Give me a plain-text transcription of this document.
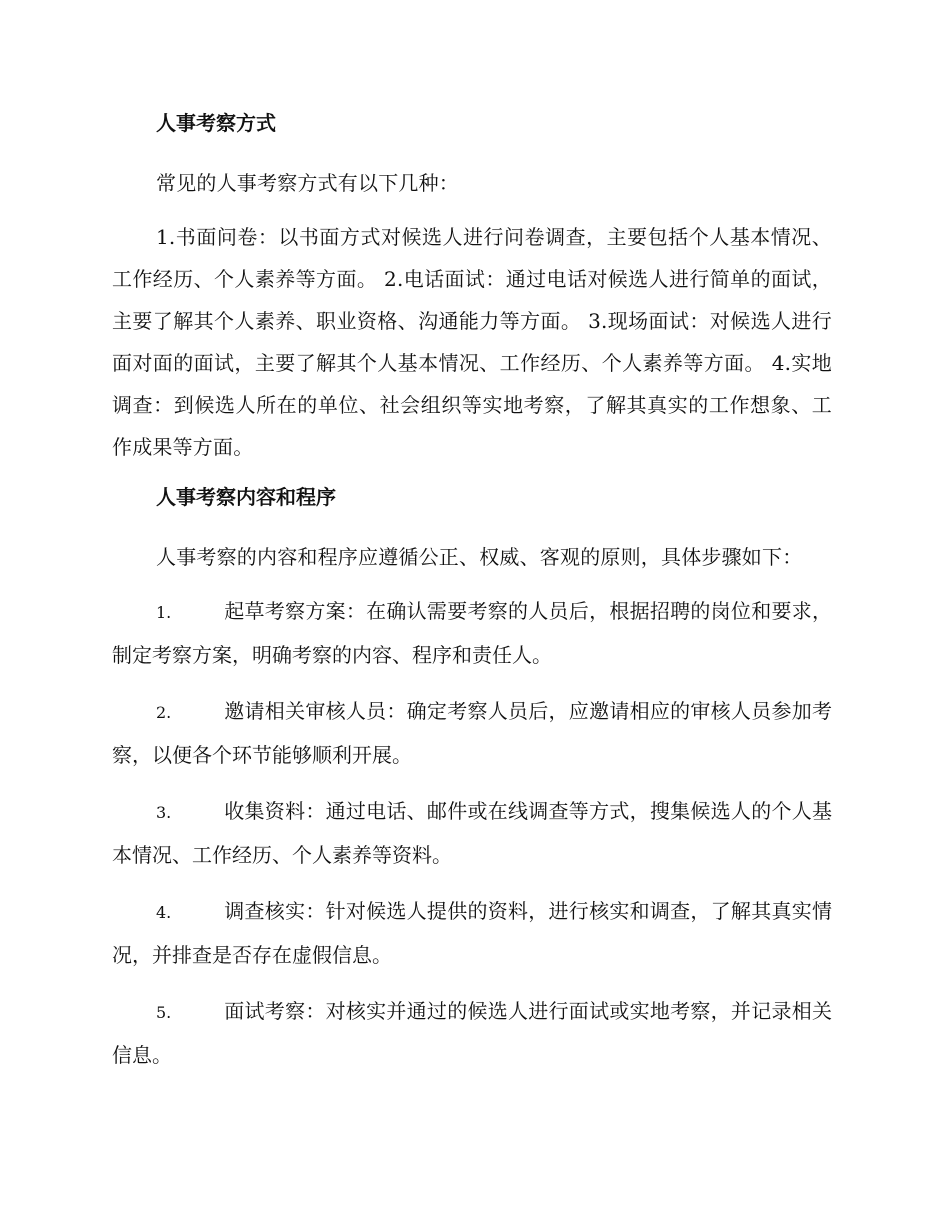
人事考察方式

常见的人事考察方式有以下几种：

1.书面问卷：以书面方式对候选人进行问卷调查，主要包括个人基本情况、工作经历、个人素养等方面。 2.电话面试：通过电话对候选人进行简单的面试，主要了解其个人素养、职业资格、沟通能力等方面。 3.现场面试：对候选人进行面对面的面试，主要了解其个人基本情况、工作经历、个人素养等方面。 4.实地调查：到候选人所在的单位、社会组织等实地考察，了解其真实的工作想象、工作成果等方面。

人事考察内容和程序

人事考察的内容和程序应遵循公正、权威、客观的原则，具体步骤如下：

1.	起草考察方案：在确认需要考察的人员后，根据招聘的岗位和要求，制定考察方案，明确考察的内容、程序和责任人。

2.	邀请相关审核人员：确定考察人员后，应邀请相应的审核人员参加考察，以便各个环节能够顺利开展。

3.	收集资料：通过电话、邮件或在线调查等方式，搜集候选人的个人基本情况、工作经历、个人素养等资料。

4.	调查核实：针对候选人提供的资料，进行核实和调查，了解其真实情况，并排查是否存在虚假信息。

5.	面试考察：对核实并通过的候选人进行面试或实地考察，并记录相关信息。
